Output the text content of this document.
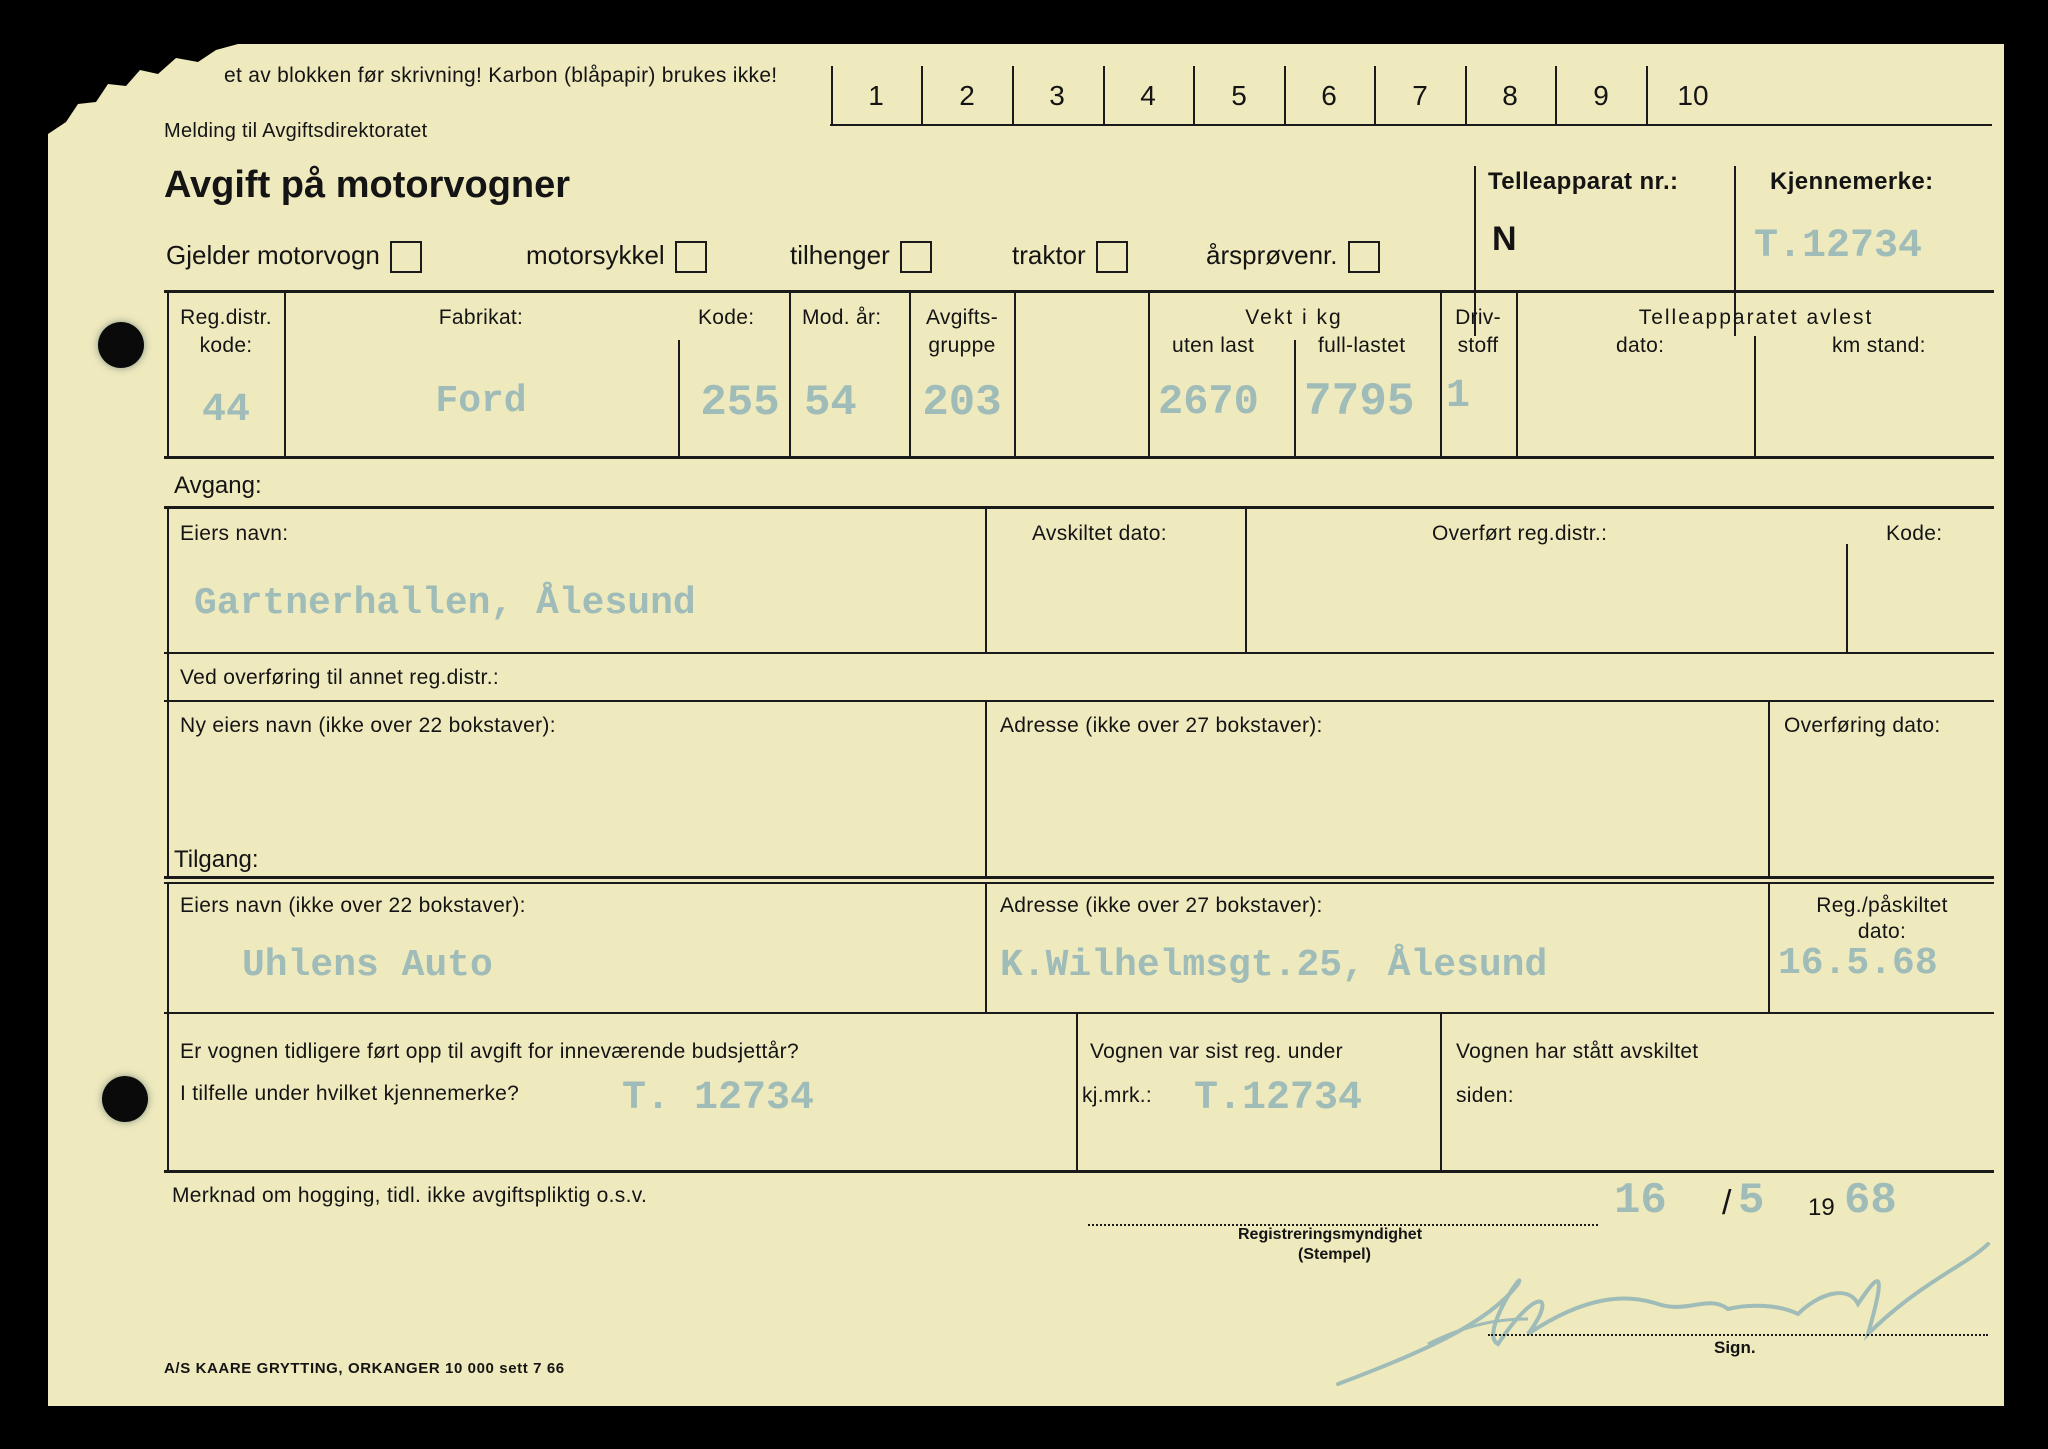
et av blokken før skrivning! Karbon (blåpapir) brukes ikke!
Melding til Avgiftsdirektoratet
Avgift på motorvogner
1	2	3	4	5	6	7	8	9	10
Gjelder motorvogn	motorsykkel	tilhenger	traktor	årsprøvenr.
Telleapparat nr.:
N
Kjennemerke:
T.12734
Reg.distr.
kode:
44
Fabrikat:
Ford
Kode:
255
Mod. år:
54
Avgifts-
gruppe
203
Vekt i kg
uten last
2670
full-lastet
7795
Driv-
stoff
1
Telleapparatet avlest
dato:	km stand:
Avgang:
Eiers navn:
Gartnerhallen, Ålesund
Avskiltet dato:	Overført reg.distr.:	Kode:
Ved overføring til annet reg.distr.:
Ny eiers navn (ikke over 22 bokstaver):	Adresse (ikke over 27 bokstaver):	Overføring dato:
Tilgang:
Eiers navn (ikke over 22 bokstaver):
Uhlens Auto
Adresse (ikke over 27 bokstaver):
K.Wilhelmsgt.25, Ålesund
Reg./påskiltet
dato:
16.5.68
Er vognen tidligere ført opp til avgift for inneværende budsjettår?
I tilfelle under hvilket kjennemerke?	T. 12734
Vognen var sist reg. under
kj.mrk.: T.12734
Vognen har stått avskiltet
siden:
Merknad om hogging, tidl. ikke avgiftspliktig o.s.v.	16 / 5 19 68
Registreringsmyndighet
(Stempel)
Sign.
A/S KAARE GRYTTING, ORKANGER 10 000 sett 7 66
